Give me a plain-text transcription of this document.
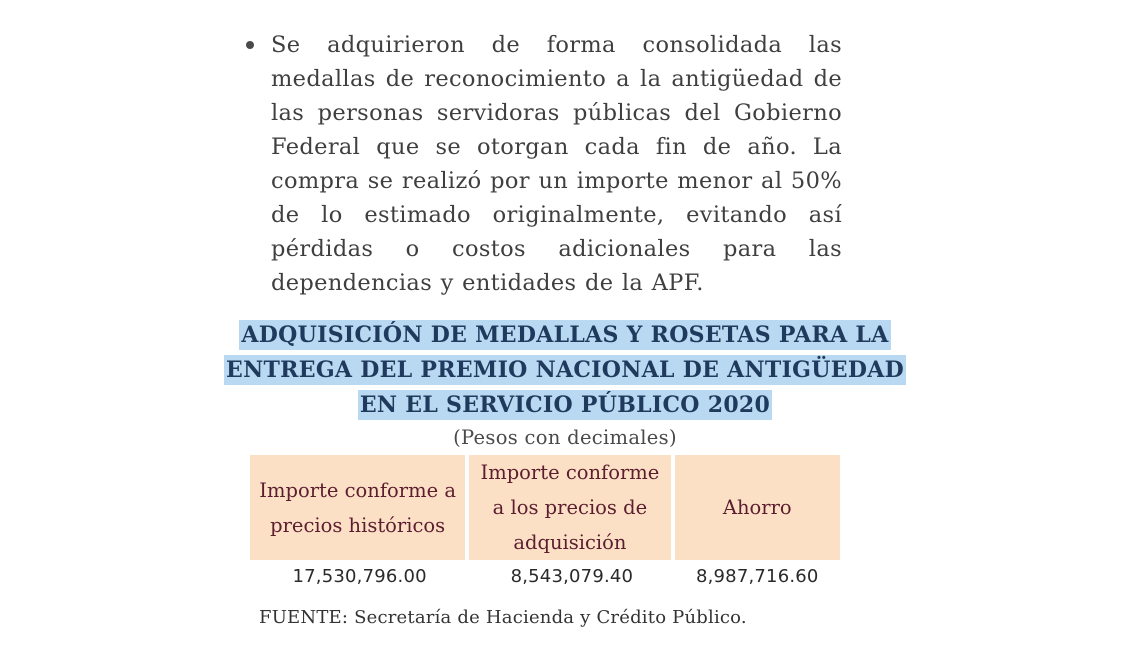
Se adquirieron de forma consolidada las medallas de reconocimiento a la antigüedad de las personas servidoras públicas del Gobierno Federal que se otorgan cada fin de año. La compra se realizó por un importe menor al 50% de lo estimado originalmente, evitando así pérdidas o costos adicionales para las dependencias y entidades de la APF.
ADQUISICIÓN DE MEDALLAS Y ROSETAS PARA LA
ENTREGA DEL PREMIO NACIONAL DE ANTIGÜEDAD
EN EL SERVICIO PÚBLICO 2020
(Pesos con decimales)
Importe conforme a
precios históricos
Importe conforme
a los precios de
adquisición
Ahorro
17,530,796.00	8,543,079.40	8,987,716.60
FUENTE: Secretaría de Hacienda y Crédito Público.
